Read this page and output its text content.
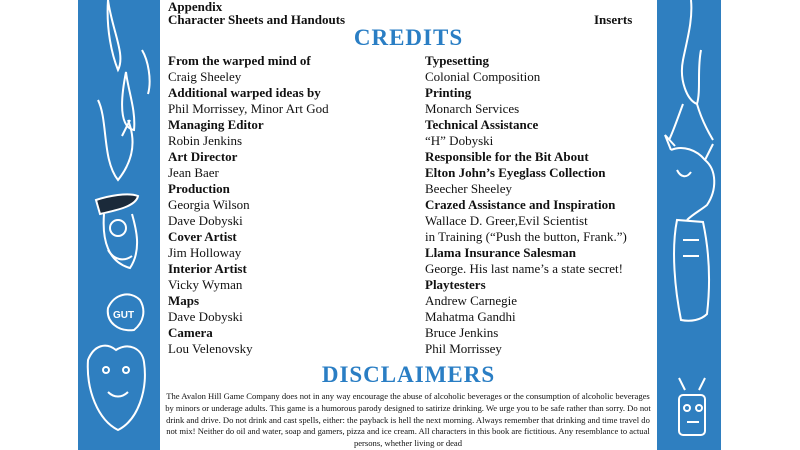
GUT
Appendix
Character Sheets and Handouts	Inserts
CREDITS
From the warped mind of
Craig Sheeley
Additional warped ideas by
Phil Morrissey, Minor Art God
Managing Editor
Robin Jenkins
Art Director
Jean Baer
Production
Georgia Wilson
Dave Dobyski
Cover Artist
Jim Holloway
Interior Artist
Vicky Wyman
Maps
Dave Dobyski
Camera
Lou Velenovsky
Typesetting
Colonial Composition
Printing
Monarch Services
Technical Assistance
“H” Dobyski
Responsible for the Bit About
Elton John’s Eyeglass Collection
Beecher Sheeley
Crazed Assistance and Inspiration
Wallace D. Greer,Evil Scientist
in Training (“Push the button, Frank.”)
Llama Insurance Salesman
George. His last name’s a state secret!
Playtesters
Andrew Carnegie
Mahatma Gandhi
Bruce Jenkins
Phil Morrissey
DISCLAIMERS
The Avalon Hill Game Company does not in any way encourage the abuse of alcoholic beverages or the consumption of alcoholic beverages by minors or underage adults. This game is a humorous parody designed to satirize drinking. We urge you to be safe rather than sorry. Do not drink and drive. Do not drink and cast spells, either: the payback is hell the next morning. Always remember that drinking and time travel do not mix! Neither do oil and water, soap and gamers, pizza and ice cream. All characters in this book are fictitious. Any resemblance to actual persons, whether living or dead
